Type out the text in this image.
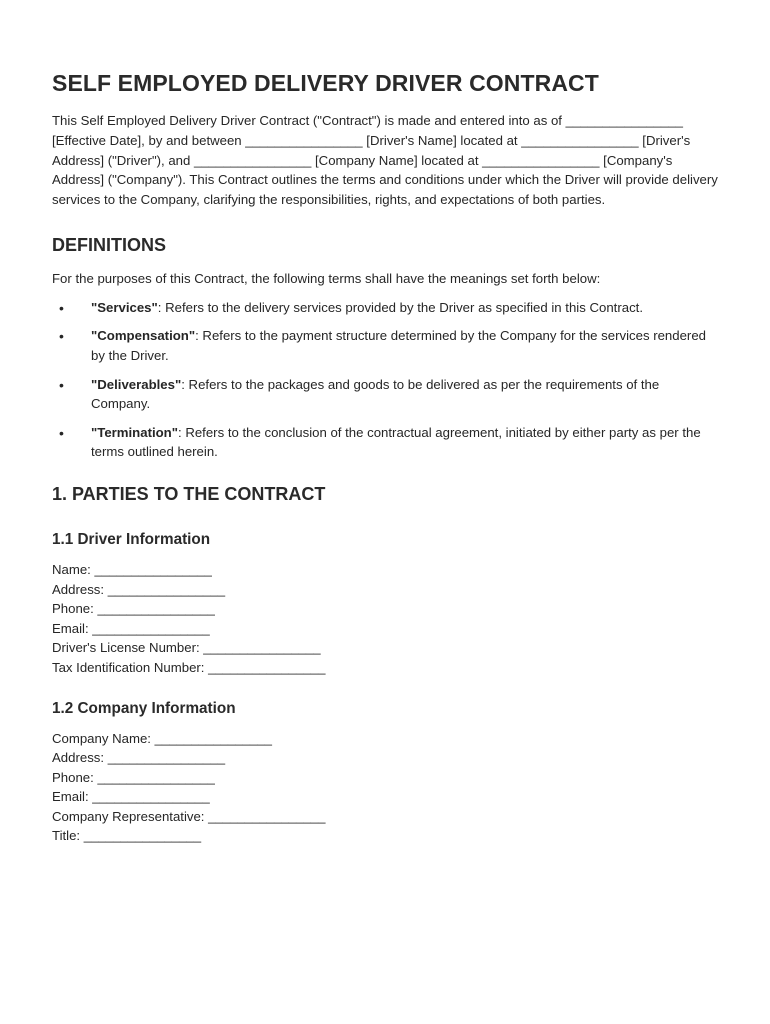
SELF EMPLOYED DELIVERY DRIVER CONTRACT

This Self Employed Delivery Driver Contract ("Contract") is made and entered into as of ________________ [Effective Date], by and between ________________ [Driver's Name] located at ________________ [Driver's Address] ("Driver"), and ________________ [Company Name] located at ________________ [Company's Address] ("Company"). This Contract outlines the terms and conditions under which the Driver will provide delivery services to the Company, clarifying the responsibilities, rights, and expectations of both parties.

DEFINITIONS

For the purposes of this Contract, the following terms shall have the meanings set forth below:

• "Services": Refers to the delivery services provided by the Driver as specified in this Contract.
• "Compensation": Refers to the payment structure determined by the Company for the services rendered by the Driver.
• "Deliverables": Refers to the packages and goods to be delivered as per the requirements of the Company.
• "Termination": Refers to the conclusion of the contractual agreement, initiated by either party as per the terms outlined herein.
1. PARTIES TO THE CONTRACT
1.1 Driver Information
Name: ________________
Address: ________________
Phone: ________________
Email: ________________
Driver's License Number: ________________
Tax Identification Number: ________________
1.2 Company Information
Company Name: ________________
Address: ________________
Phone: ________________
Email: ________________
Company Representative: ________________
Title: ________________
